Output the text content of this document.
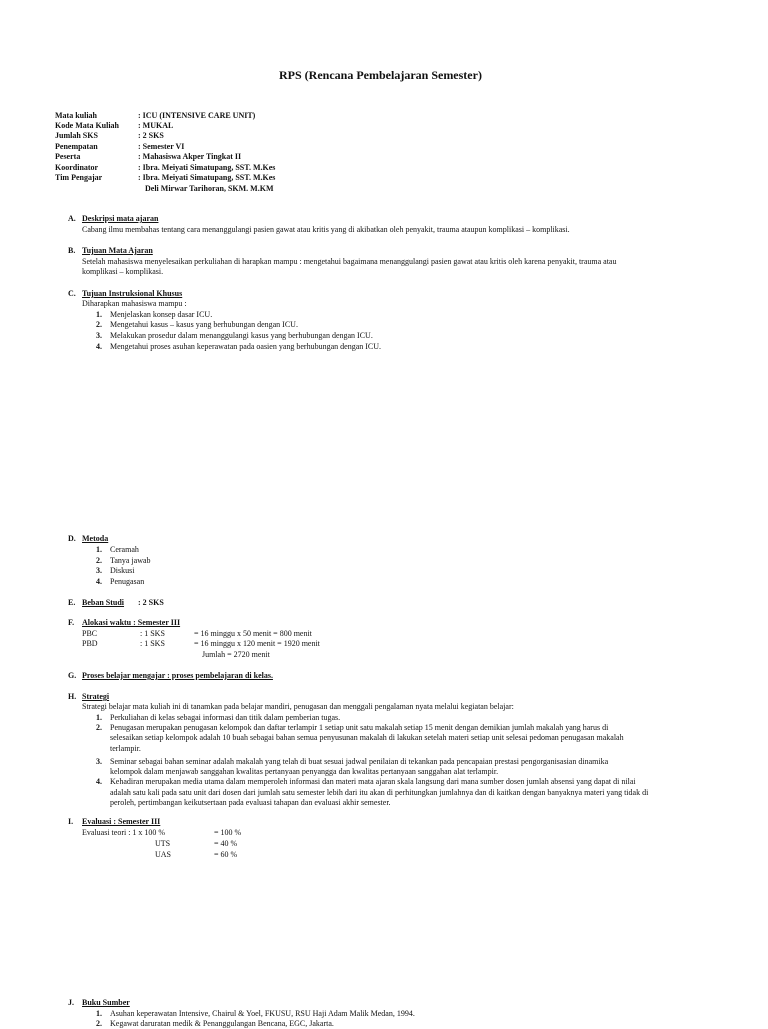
RPS (Rencana Pembelajaran Semester)
Mata kuliah	: ICU (INTENSIVE CARE UNIT)
Kode Mata Kuliah : MUKAL
Jumlah SKS	: 2 SKS
Penempatan	: Semester VI
Peserta	: Mahasiswa Akper Tingkat II
Koordinator	: Ibra. Meiyati Simatupang, SST. M.Kes
Tim Pengajar	: Ibra. Meiyati Simatupang, SST. M.Kes
Deli Mirwar Tarihoran, SKM. M.KM
A. Deskripsi mata ajaran
Cabang ilmu membahas tentang cara menanggulangi pasien gawat atau kritis yang di akibatkan oleh penyakit, trauma ataupun komplikasi – komplikasi.
B. Tujuan Mata Ajaran
Setelah mahasiswa menyelesaikan perkuliahan di harapkan mampu : mengetahui bagaimana menanggulangi pasien gawat atau kritis oleh karena penyakit, trauma atau
komplikasi – komplikasi.
C. Tujuan Instruksional Khusus
Diharapkan mahasiswa mampu :
1. Menjelaskan konsep dasar ICU.
2. Mengetahui kasus – kasus yang berhubungan dengan ICU.
3. Melakukan prosedur dalam menanggulangi kasus yang berhubungan dengan ICU.
4. Mengetahui proses asuhan keperawatan pada oasien yang berhubungan dengan ICU.
D. Metoda
1. Ceramah
2. Tanya jawab
3. Diskusi
4. Penugasan
E. Beban Studi : 2 SKS
F. Alokasi waktu : Semester III
PBC	: 1 SKS	= 16 minggu x 50 menit = 800 menit
PBD	: 1 SKS	= 16 minggu x 120 menit = 1920 menit
Jumlah = 2720 menit
G. Proses belajar mengajar : proses pembelajaran di kelas.
H. Strategi
Strategi belajar mata kuliah ini di tanamkan pada belajar mandiri, penugasan dan menggali pengalaman nyata melalui kegiatan belajar:
1. Perkuliahan di kelas sebagai informasi dan titik dalam pemberian tugas.
2. Penugasan merupakan penugasan kelompok dan daftar terlampir 1 setiap unit satu makalah setiap 15 menit dengan demikian jumlah makalah yang harus di
selesaikan setiap kelompok adalah 10 buah sebagai bahan semua penyusunan makalah di lakukan setelah materi setiap unit selesai pedoman penugasan makalah
terlampir.
3. Seminar sebagai bahan seminar adalah makalah yang telah di buat sesuai jadwal penilaian di tekankan pada pencapaian prestasi pengorganisasian dinamika
kelompok dalam menjawab sanggahan kwalitas pertanyaan penyangga dan kwalitas pertanyaan sanggahan alat terlampir.
4. Kehadiran merupakan media utama dalam memperoleh informasi dan materi mata ajaran skala langsung dari mana sumber dosen jumlah absensi yang dapat di nilai
adalah satu kali pada satu unit dari dosen dari jumlah satu semester lebih dari itu akan di perhitungkan jumlahnya dan di kaitkan dengan banyaknya materi yang tidak di
peroleh, pertimbangan keikutsertaan pada evaluasi tahapan dan evaluasi akhir semester.
I. Evaluasi : Semester III
Evaluasi teori : 1 x 100 %	= 100 %
UTS	= 40 %
UAS	= 60 %
J. Buku Sumber
1. Asuhan keperawatan Intensive, Chairul & Yoel, FKUSU, RSU Haji Adam Malik Medan, 1994.
2. Kegawat daruratan medik & Penanggulangan Bencana, EGC, Jakarta.
